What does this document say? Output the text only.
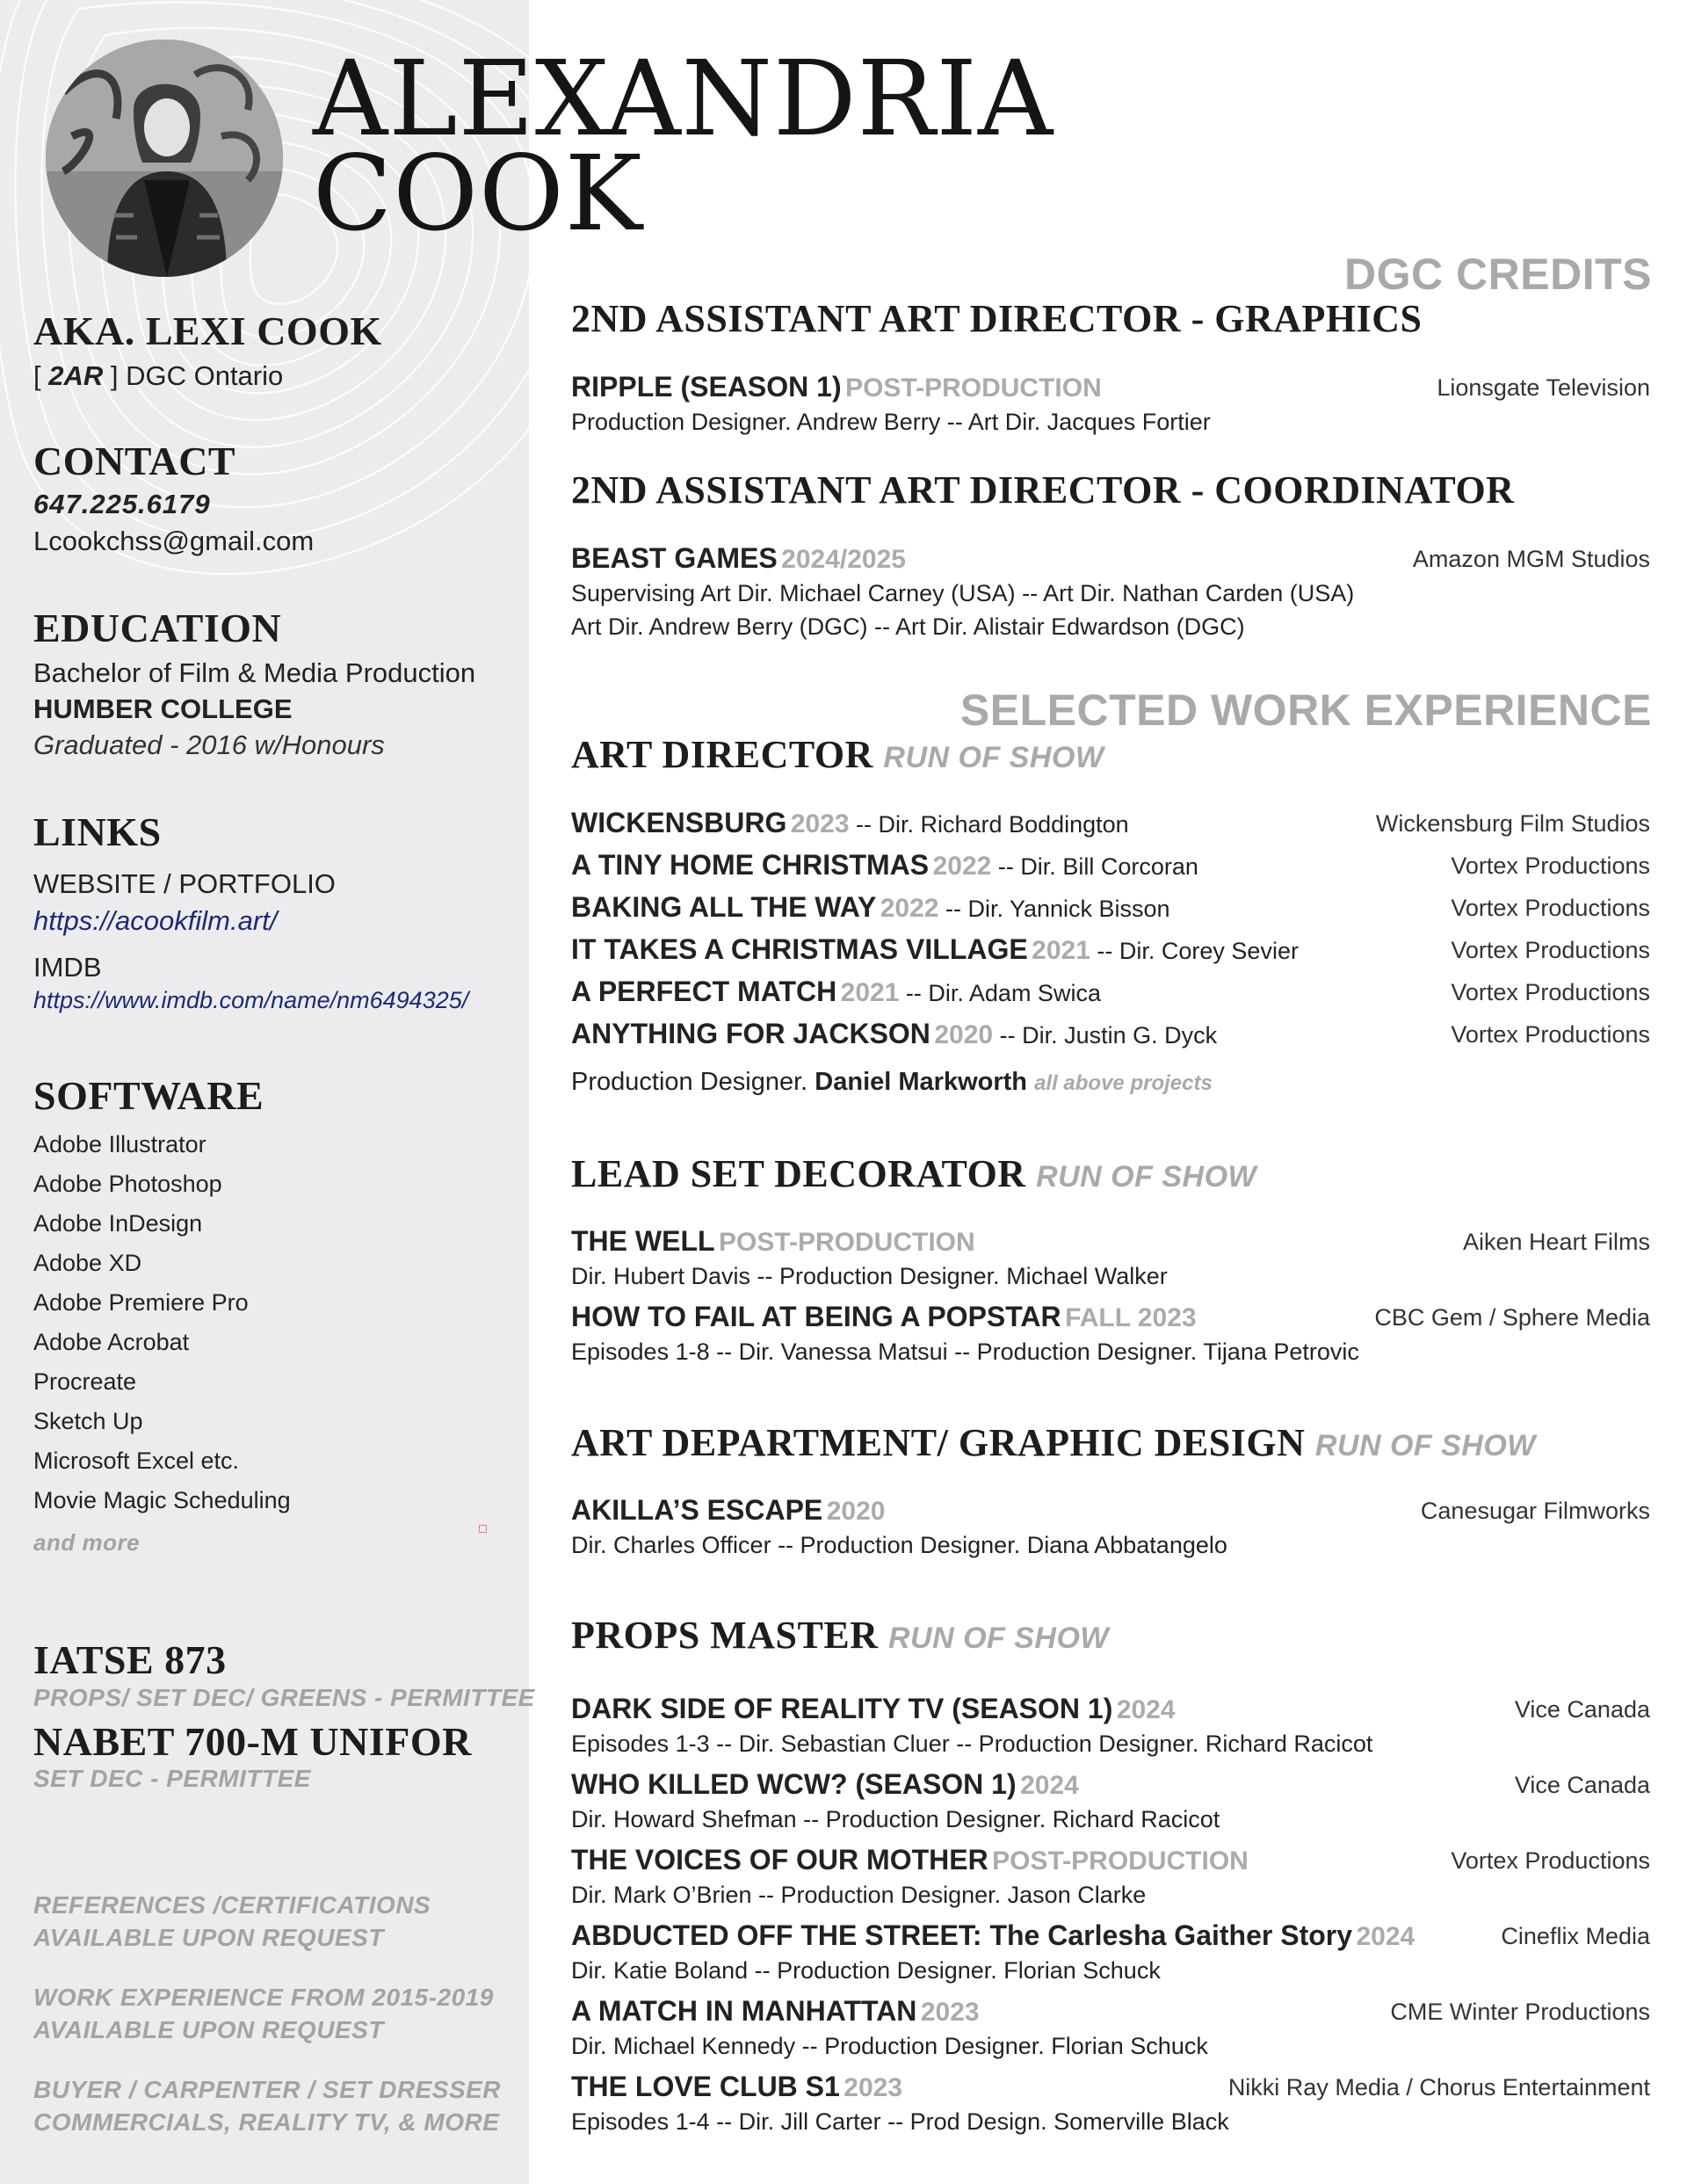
ALEXANDRIA
COOK
AKA. LEXI COOK
[ 2AR ] DGC Ontario
CONTACT
647.225.6179
Lcookchss@gmail.com
EDUCATION
Bachelor of Film & Media Production
HUMBER COLLEGE
Graduated - 2016 w/Honours
LINKS
WEBSITE / PORTFOLIO
https://acookfilm.art/
IMDB
https://www.imdb.com/name/nm6494325/
SOFTWARE
Adobe Illustrator
Adobe Photoshop
Adobe InDesign
Adobe XD
Adobe Premiere Pro
Adobe Acrobat
Procreate
Sketch Up
Microsoft Excel etc.
Movie Magic Scheduling
and more
IATSE 873
PROPS/ SET DEC/ GREENS - PERMITTEE
NABET 700-M UNIFOR
SET DEC - PERMITTEE
REFERENCES /CERTIFICATIONS
AVAILABLE UPON REQUEST
WORK EXPERIENCE FROM 2015-2019
AVAILABLE UPON REQUEST
BUYER / CARPENTER / SET DRESSER
COMMERCIALS, REALITY TV, & MORE
DGC CREDITS
2ND ASSISTANT ART DIRECTOR - GRAPHICS
RIPPLE (SEASON 1) POST-PRODUCTION	Lionsgate Television
Production Designer. Andrew Berry -- Art Dir. Jacques Fortier
2ND ASSISTANT ART DIRECTOR - COORDINATOR
BEAST GAMES 2024/2025	Amazon MGM Studios
Supervising Art Dir. Michael Carney (USA) -- Art Dir. Nathan Carden (USA)
Art Dir. Andrew Berry (DGC) -- Art Dir. Alistair Edwardson (DGC)
SELECTED WORK EXPERIENCE
ART DIRECTOR RUN OF SHOW
WICKENSBURG 2023 -- Dir. Richard Boddington	Wickensburg Film Studios
A TINY HOME CHRISTMAS 2022 -- Dir. Bill Corcoran	Vortex Productions
BAKING ALL THE WAY 2022 -- Dir. Yannick Bisson	Vortex Productions
IT TAKES A CHRISTMAS VILLAGE 2021 -- Dir. Corey Sevier	Vortex Productions
A PERFECT MATCH 2021 -- Dir. Adam Swica	Vortex Productions
ANYTHING FOR JACKSON 2020 -- Dir. Justin G. Dyck	Vortex Productions
Production Designer. Daniel Markworth all above projects
LEAD SET DECORATOR RUN OF SHOW
THE WELL POST-PRODUCTION	Aiken Heart Films
Dir. Hubert Davis -- Production Designer. Michael Walker
HOW TO FAIL AT BEING A POPSTAR FALL 2023	CBC Gem / Sphere Media
Episodes 1-8 -- Dir. Vanessa Matsui -- Production Designer. Tijana Petrovic
ART DEPARTMENT/ GRAPHIC DESIGN RUN OF SHOW
AKILLA’S ESCAPE 2020	Canesugar Filmworks
Dir. Charles Officer -- Production Designer. Diana Abbatangelo
PROPS MASTER RUN OF SHOW
DARK SIDE OF REALITY TV (SEASON 1) 2024	Vice Canada
Episodes 1-3 -- Dir. Sebastian Cluer -- Production Designer. Richard Racicot
WHO KILLED WCW? (SEASON 1) 2024	Vice Canada
Dir. Howard Shefman -- Production Designer. Richard Racicot
THE VOICES OF OUR MOTHER POST-PRODUCTION	Vortex Productions
Dir. Mark O’Brien -- Production Designer. Jason Clarke
ABDUCTED OFF THE STREET: The Carlesha Gaither Story 2024	Cineflix Media
Dir. Katie Boland -- Production Designer. Florian Schuck
A MATCH IN MANHATTAN 2023	CME Winter Productions
Dir. Michael Kennedy -- Production Designer. Florian Schuck
THE LOVE CLUB S1 2023	Nikki Ray Media / Chorus Entertainment
Episodes 1-4 -- Dir. Jill Carter -- Prod Design. Somerville Black
